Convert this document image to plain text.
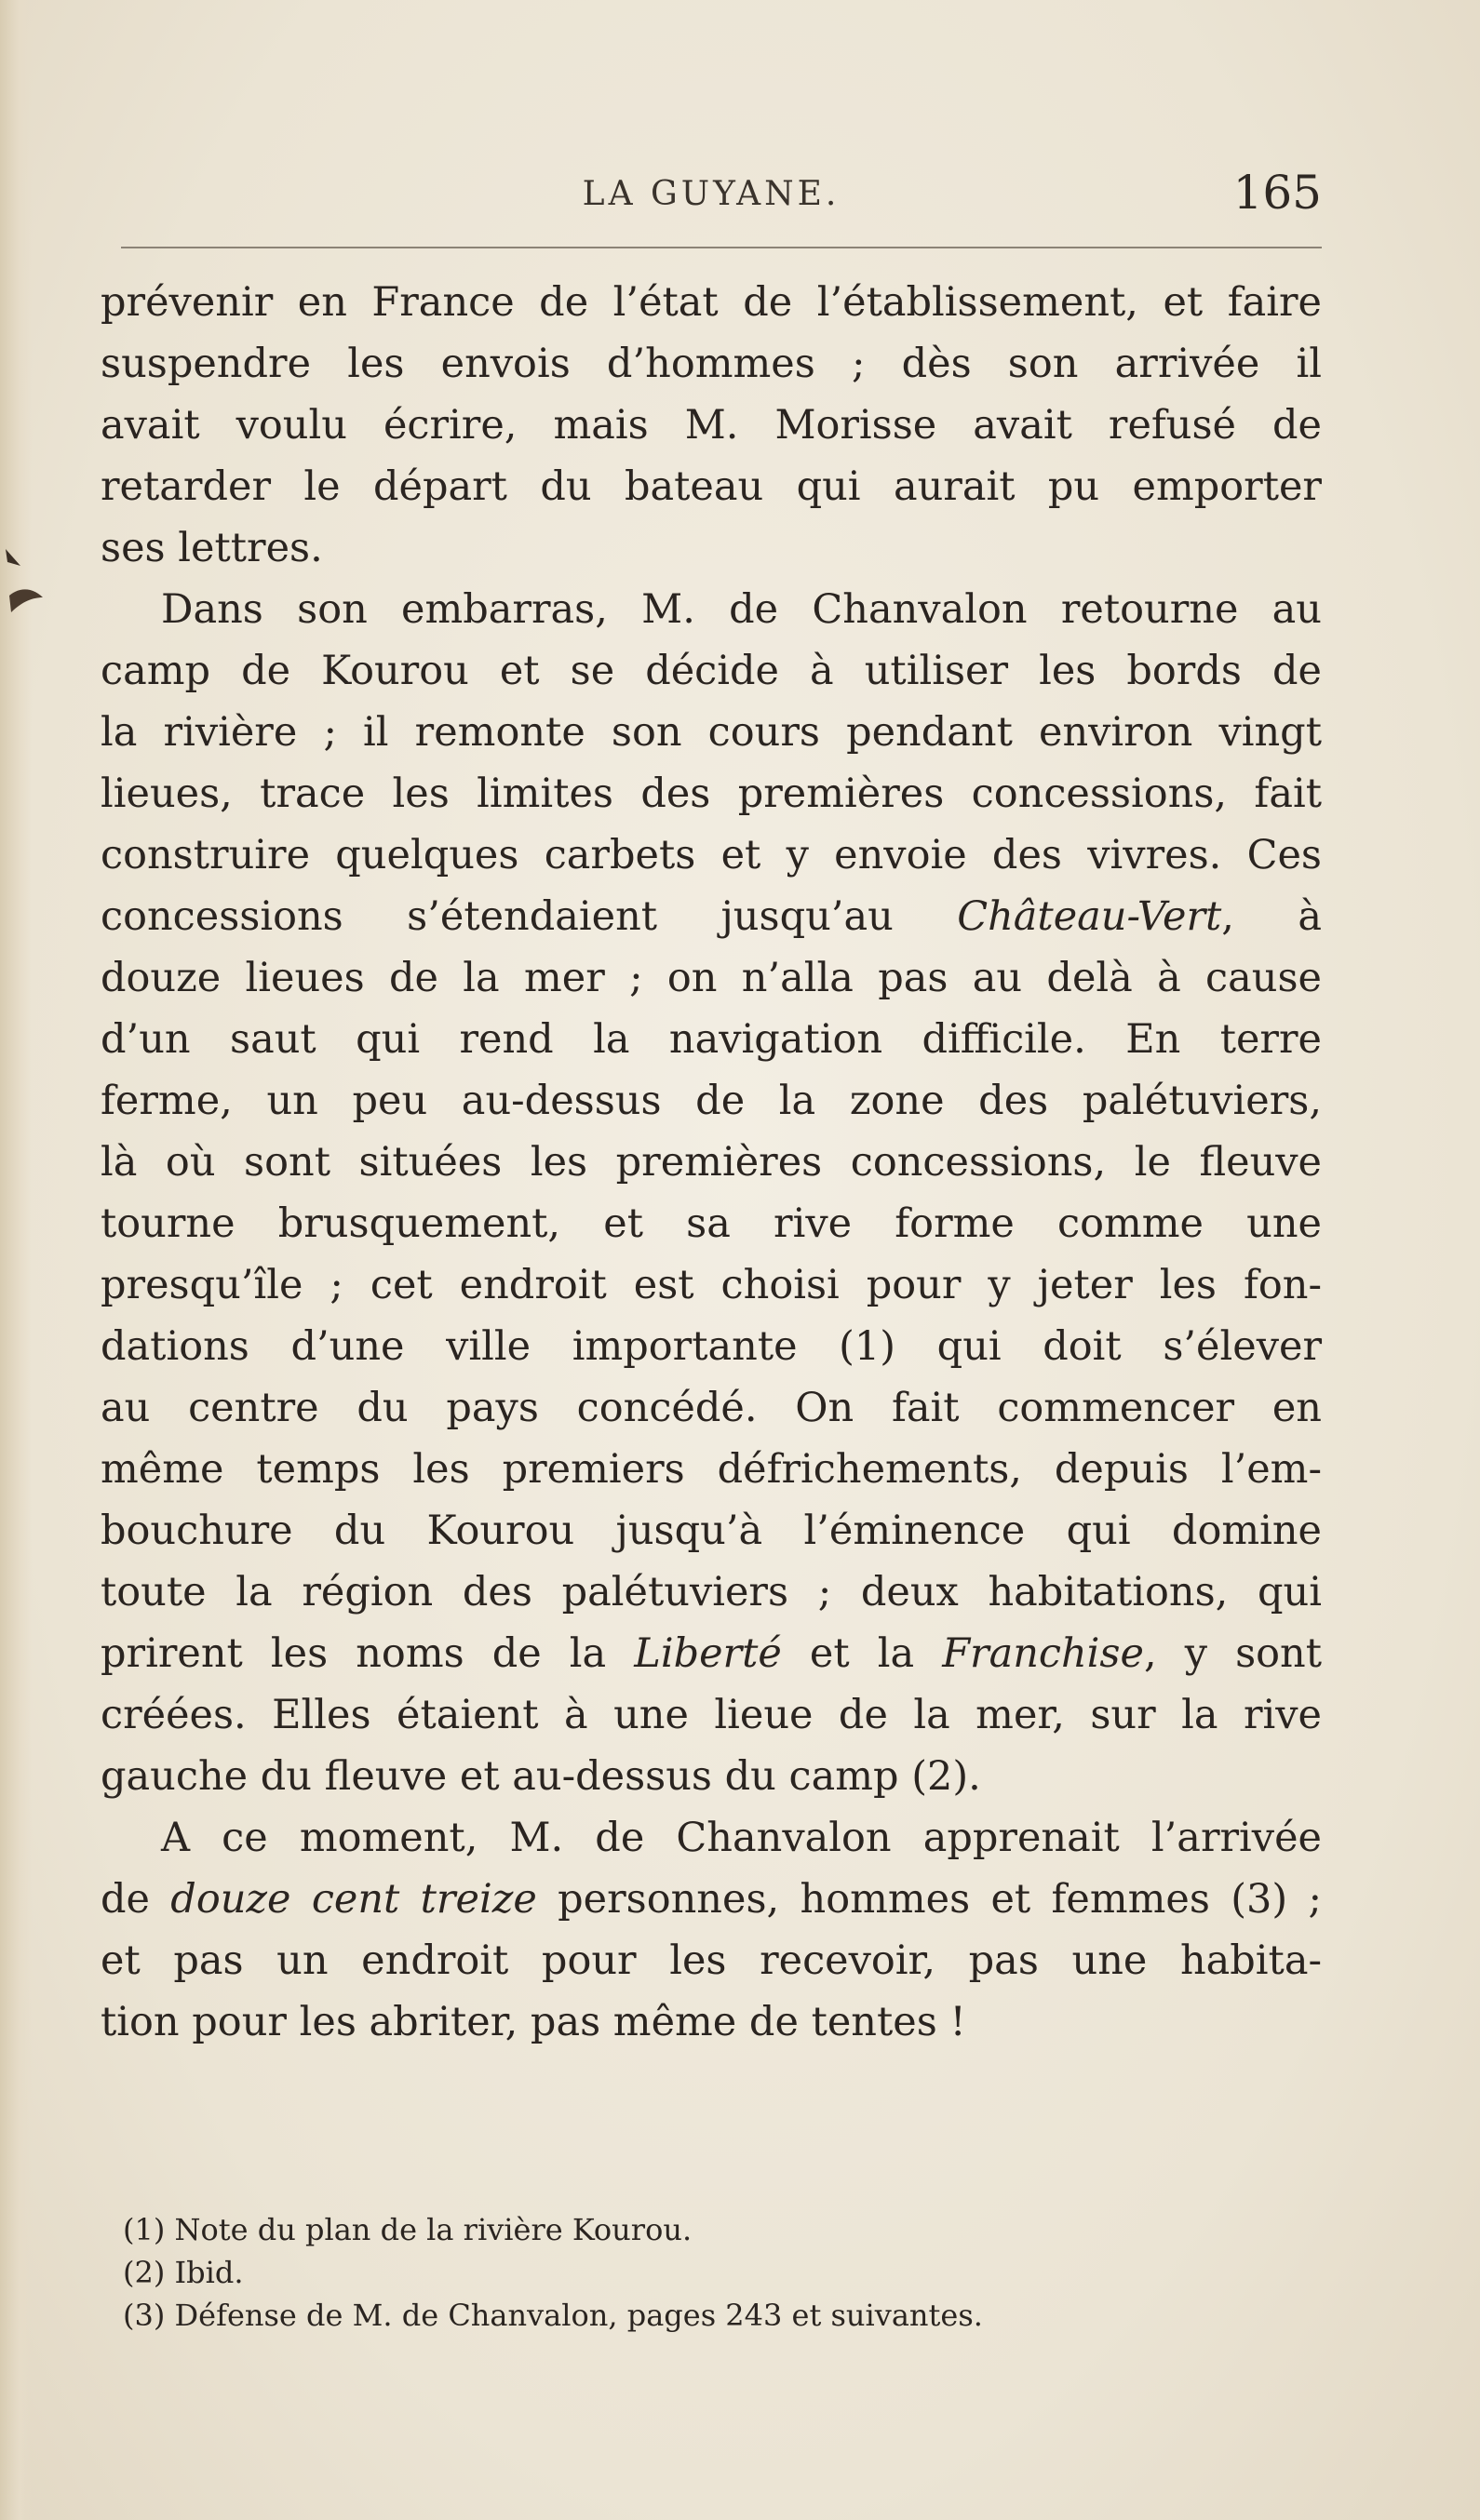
LA GUYANE.	165
prévenir en France de l’état de l’établissement, et faire
suspendre les envois d’hommes ; dès son arrivée il
avait voulu écrire, mais M. Morisse avait refusé de
retarder le départ du bateau qui aurait pu emporter
ses lettres.
Dans son embarras, M. de Chanvalon retourne au
camp de Kourou et se décide à utiliser les bords de
la rivière ; il remonte son cours pendant environ vingt
lieues, trace les limites des premières concessions, fait
construire quelques carbets et y envoie des vivres. Ces
concessions s’étendaient jusqu’au Château-Vert, à
douze lieues de la mer ; on n’alla pas au delà à cause
d’un saut qui rend la navigation difficile. En terre
ferme, un peu au-dessus de la zone des palétuviers,
là où sont situées les premières concessions, le fleuve
tourne brusquement, et sa rive forme comme une
presqu’île ; cet endroit est choisi pour y jeter les fon-
dations d’une ville importante (1) qui doit s’élever
au centre du pays concédé. On fait commencer en
même temps les premiers défrichements, depuis l’em-
bouchure du Kourou jusqu’à l’éminence qui domine
toute la région des palétuviers ; deux habitations, qui
prirent les noms de la Liberté et la Franchise, y sont
créées. Elles étaient à une lieue de la mer, sur la rive
gauche du fleuve et au-dessus du camp (2).
A ce moment, M. de Chanvalon apprenait l’arrivée
de douze cent treize personnes, hommes et femmes (3) ;
et pas un endroit pour les recevoir, pas une habita-
tion pour les abriter, pas même de tentes !
(1) Note du plan de la rivière Kourou.
(2) Ibid.
(3) Défense de M. de Chanvalon, pages 243 et suivantes.
